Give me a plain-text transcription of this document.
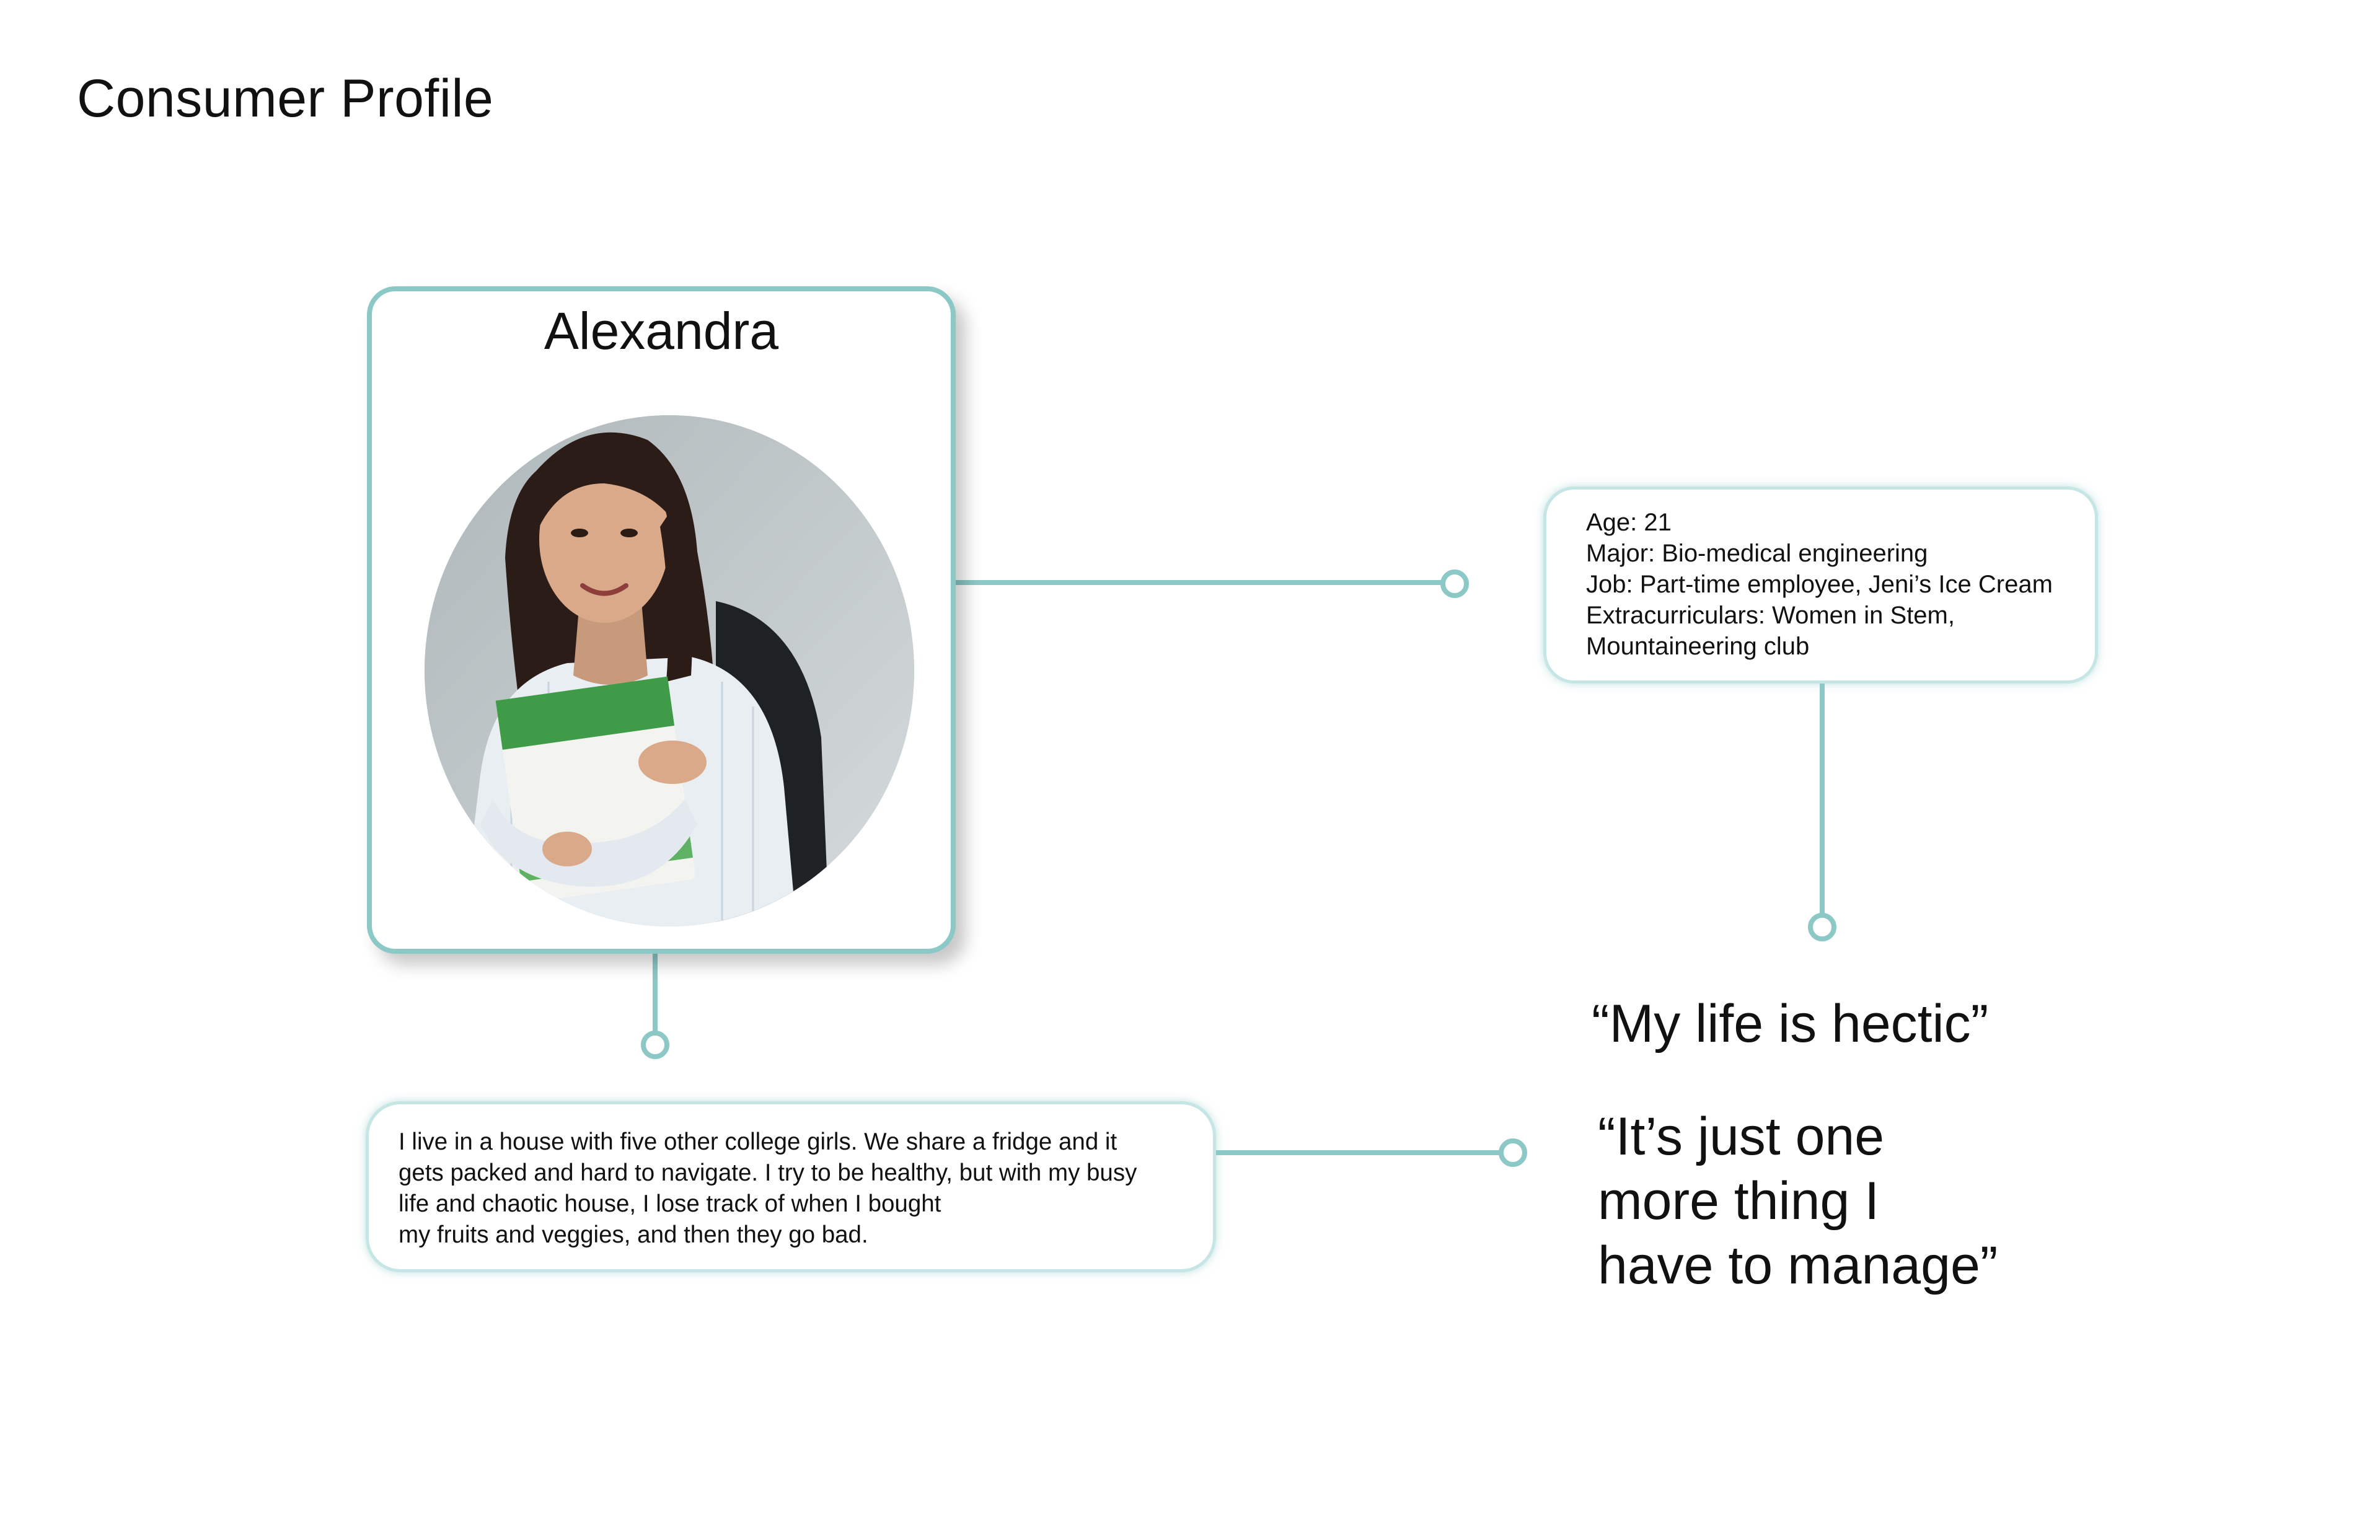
Consumer Profile
Alexandra
Age: 21
Major: Bio-medical engineering
Job: Part-time employee, Jeni’s Ice Cream
Extracurriculars: Women in Stem,
Mountaineering club
I live in a house with five other college girls. We share a fridge and it
gets packed and hard to navigate. I try to be healthy, but with my busy
life and chaotic house, I lose track of when I bought
my fruits and veggies, and then they go bad.
“My life is hectic”
“It’s just one
more thing I
have to manage”
